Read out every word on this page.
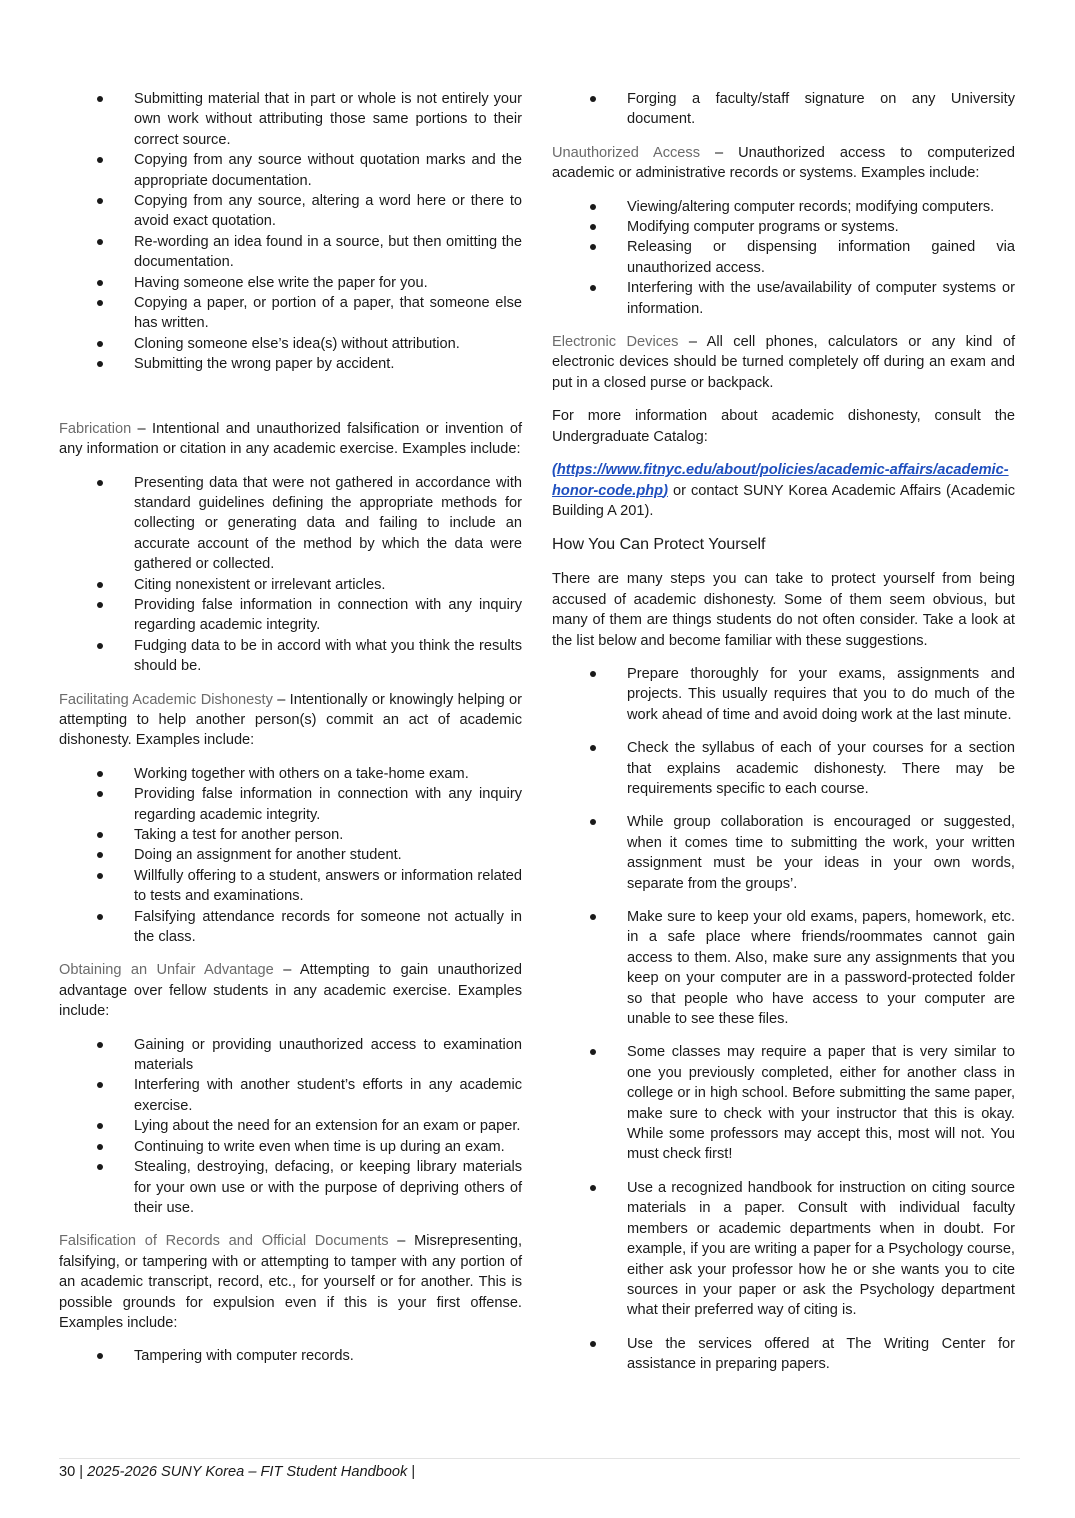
Submitting material that in part or whole is not entirely your own work without attributing those same portions to their correct source.
Copying from any source without quotation marks and the appropriate documentation.
Copying from any source, altering a word here or there to avoid exact quotation.
Re-wording an idea found in a source, but then omitting the documentation.
Having someone else write the paper for you.
Copying a paper, or portion of a paper, that someone else has written.
Cloning someone else’s idea(s) without attribution.
Submitting the wrong paper by accident.

Fabrication – Intentional and unauthorized falsification or invention of any information or citation in any academic exercise. Examples include:

Presenting data that were not gathered in accordance with standard guidelines defining the appropriate methods for collecting or generating data and failing to include an accurate account of the method by which the data were gathered or collected.
Citing nonexistent or irrelevant articles.
Providing false information in connection with any inquiry regarding academic integrity.
Fudging data to be in accord with what you think the results should be.

Facilitating Academic Dishonesty – Intentionally or knowingly helping or attempting to help another person(s) commit an act of academic dishonesty. Examples include:

Working together with others on a take-home exam.
Providing false information in connection with any inquiry regarding academic integrity.
Taking a test for another person.
Doing an assignment for another student.
Willfully offering to a student, answers or information related to tests and examinations.
Falsifying attendance records for someone not actually in the class.

Obtaining an Unfair Advantage – Attempting to gain unauthorized advantage over fellow students in any academic exercise. Examples include:

Gaining or providing unauthorized access to examination materials
Interfering with another student’s efforts in any academic exercise.
Lying about the need for an extension for an exam or paper.
Continuing to write even when time is up during an exam.
Stealing, destroying, defacing, or keeping library materials for your own use or with the purpose of depriving others of their use.

Falsification of Records and Official Documents – Misrepresenting, falsifying, or tampering with or attempting to tamper with any portion of an academic transcript, record, etc., for yourself or for another. This is possible grounds for expulsion even if this is your first offense. Examples include:

Tampering with computer records.
Forging a faculty/staff signature on any University document.

Unauthorized Access – Unauthorized access to computerized academic or administrative records or systems. Examples include:

Viewing/altering computer records; modifying computers.
Modifying computer programs or systems.
Releasing or dispensing information gained via unauthorized access.
Interfering with the use/availability of computer systems or information.

Electronic Devices – All cell phones, calculators or any kind of electronic devices should be turned completely off during an exam and put in a closed purse or backpack.

For more information about academic dishonesty, consult the Undergraduate Catalog:

(https://www.fitnyc.edu/about/policies/academic-affairs/academic-honor-code.php) or contact SUNY Korea Academic Affairs (Academic Building A 201).

How You Can Protect Yourself

There are many steps you can take to protect yourself from being accused of academic dishonesty. Some of them seem obvious, but many of them are things students do not often consider. Take a look at the list below and become familiar with these suggestions.

Prepare thoroughly for your exams, assignments and projects. This usually requires that you to do much of the work ahead of time and avoid doing work at the last minute.
Check the syllabus of each of your courses for a section that explains academic dishonesty. There may be requirements specific to each course.
While group collaboration is encouraged or suggested, when it comes time to submitting the work, your written assignment must be your ideas in your own words, separate from the groups’.
Make sure to keep your old exams, papers, homework, etc. in a safe place where friends/roommates cannot gain access to them. Also, make sure any assignments that you keep on your computer are in a password-protected folder so that people who have access to your computer are unable to see these files.
Some classes may require a paper that is very similar to one you previously completed, either for another class in college or in high school. Before submitting the same paper, make sure to check with your instructor that this is okay. While some professors may accept this, most will not. You must check first!
Use a recognized handbook for instruction on citing source materials in a paper. Consult with individual faculty members or academic departments when in doubt. For example, if you are writing a paper for a Psychology course, either ask your professor how he or she wants you to cite sources in your paper or ask the Psychology department what their preferred way of citing is.
Use the services offered at The Writing Center for assistance in preparing papers.
30 | 2025-2026 SUNY Korea – FIT Student Handbook |
